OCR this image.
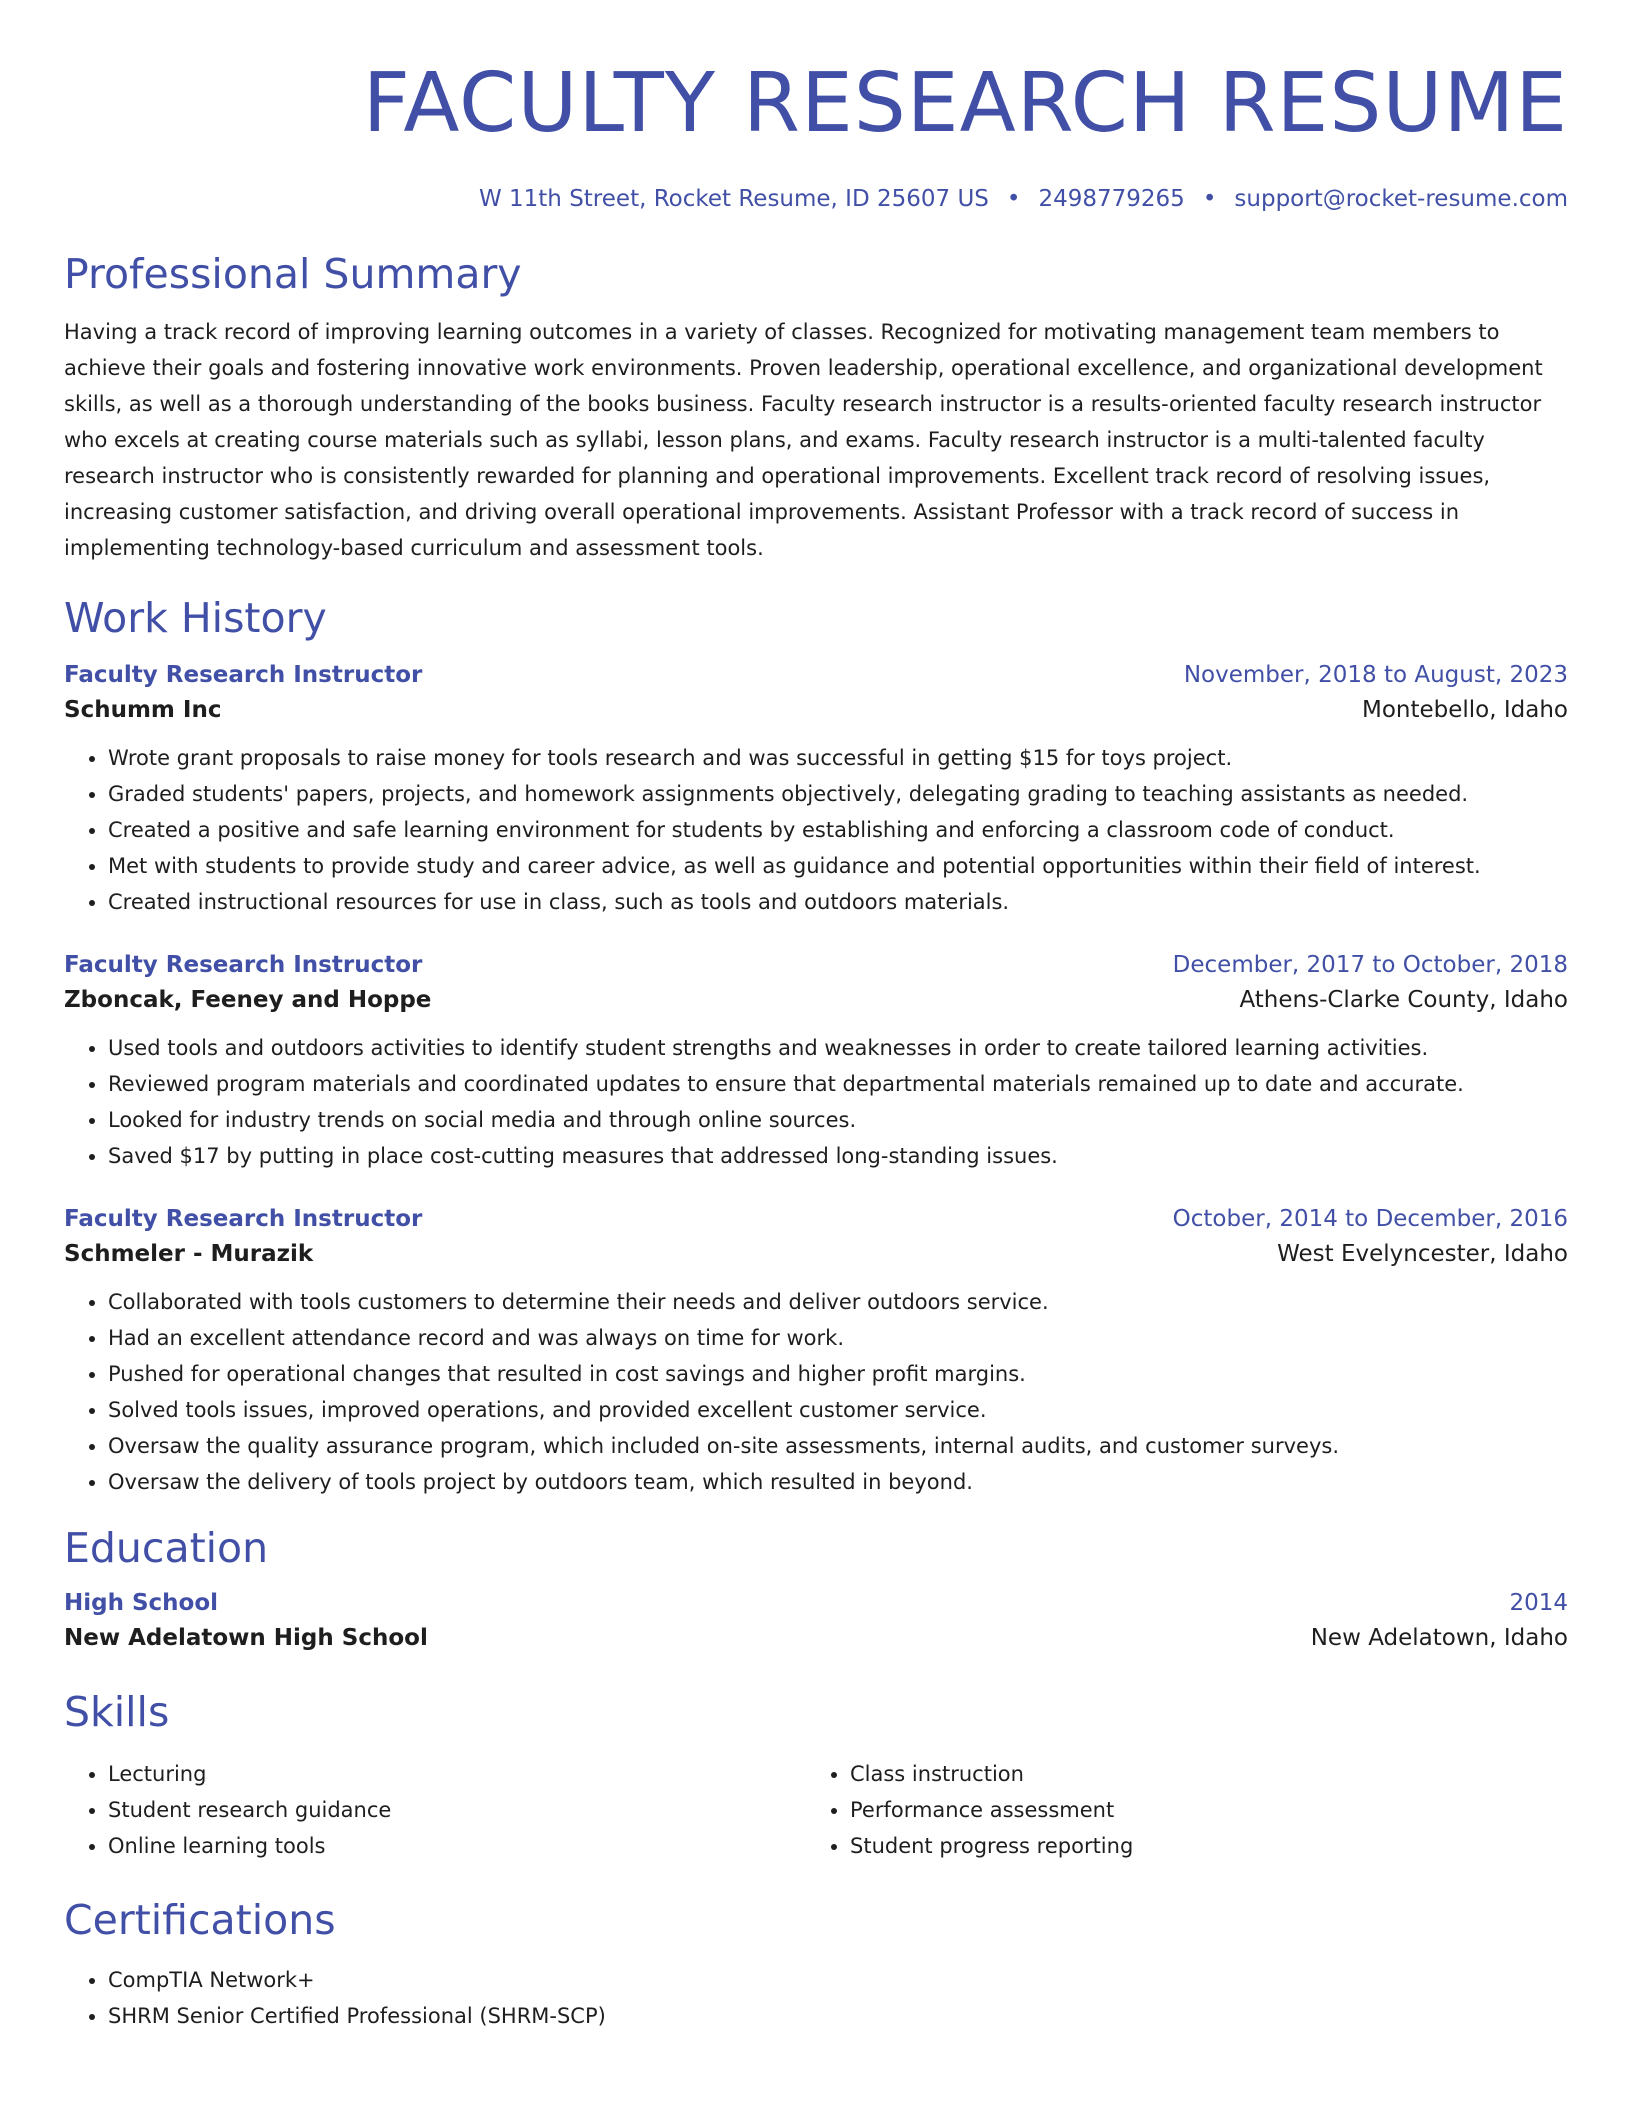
FACULTY RESEARCH RESUME
W 11th Street, Rocket Resume, ID 25607 US • 2498779265 • support@rocket-resume.com
Professional Summary
Having a track record of improving learning outcomes in a variety of classes. Recognized for motivating management team members to achieve their goals and fostering innovative work environments. Proven leadership, operational excellence, and organizational development skills, as well as a thorough understanding of the books business. Faculty research instructor is a results-oriented faculty research instructor who excels at creating course materials such as syllabi, lesson plans, and exams. Faculty research instructor is a multi-talented faculty research instructor who is consistently rewarded for planning and operational improvements. Excellent track record of resolving issues, increasing customer satisfaction, and driving overall operational improvements. Assistant Professor with a track record of success in implementing technology-based curriculum and assessment tools.
Work History
Faculty Research Instructor	November, 2018 to August, 2023
Schumm Inc	Montebello, Idaho
• Wrote grant proposals to raise money for tools research and was successful in getting $15 for toys project.
• Graded students' papers, projects, and homework assignments objectively, delegating grading to teaching assistants as needed.
• Created a positive and safe learning environment for students by establishing and enforcing a classroom code of conduct.
• Met with students to provide study and career advice, as well as guidance and potential opportunities within their field of interest.
• Created instructional resources for use in class, such as tools and outdoors materials.
Faculty Research Instructor	December, 2017 to October, 2018
Zboncak, Feeney and Hoppe	Athens-Clarke County, Idaho
• Used tools and outdoors activities to identify student strengths and weaknesses in order to create tailored learning activities.
• Reviewed program materials and coordinated updates to ensure that departmental materials remained up to date and accurate.
• Looked for industry trends on social media and through online sources.
• Saved $17 by putting in place cost-cutting measures that addressed long-standing issues.
Faculty Research Instructor	October, 2014 to December, 2016
Schmeler - Murazik	West Evelyncester, Idaho
• Collaborated with tools customers to determine their needs and deliver outdoors service.
• Had an excellent attendance record and was always on time for work.
• Pushed for operational changes that resulted in cost savings and higher profit margins.
• Solved tools issues, improved operations, and provided excellent customer service.
• Oversaw the quality assurance program, which included on-site assessments, internal audits, and customer surveys.
• Oversaw the delivery of tools project by outdoors team, which resulted in beyond.
Education
High School	2014
New Adelatown High School	New Adelatown, Idaho
Skills
• Lecturing
• Student research guidance
• Online learning tools
• Class instruction
• Performance assessment
• Student progress reporting
Certifications
• CompTIA Network+
• SHRM Senior Certified Professional (SHRM-SCP)
